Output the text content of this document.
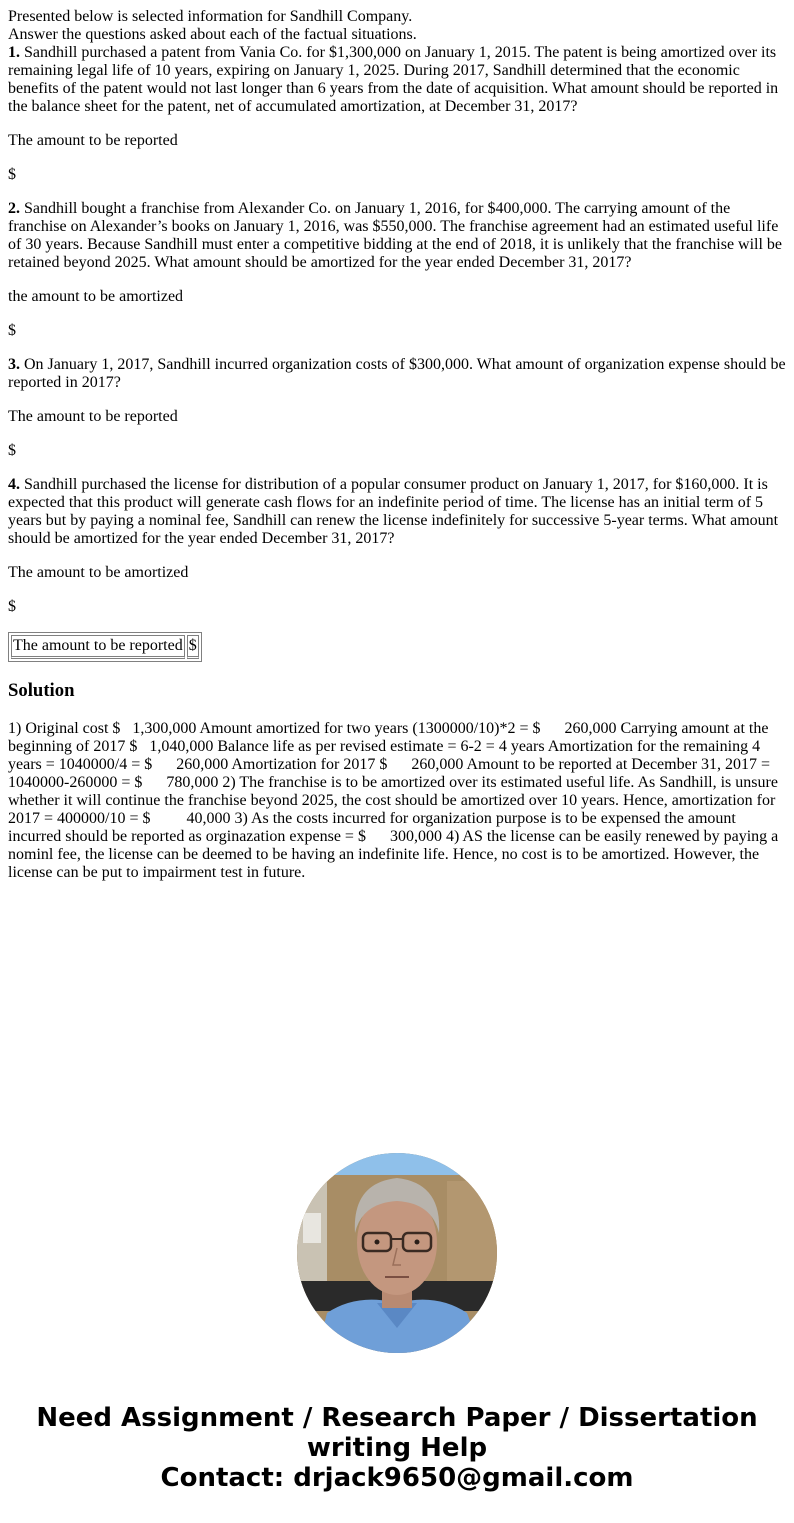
Presented below is selected information for Sandhill Company.

Answer the questions asked about each of the factual situations.

1. Sandhill purchased a patent from Vania Co. for $1,300,000 on January 1, 2015. The patent is being amortized over its remaining legal life of 10 years, expiring on January 1, 2025. During 2017, Sandhill determined that the economic benefits of the patent would not last longer than 6 years from the date of acquisition. What amount should be reported in the balance sheet for the patent, net of accumulated amortization, at December 31, 2017?

The amount to be reported

$

2. Sandhill bought a franchise from Alexander Co. on January 1, 2016, for $400,000. The carrying amount of the franchise on Alexander’s books on January 1, 2016, was $550,000. The franchise agreement had an estimated useful life of 30 years. Because Sandhill must enter a competitive bidding at the end of 2018, it is unlikely that the franchise will be retained beyond 2025. What amount should be amortized for the year ended December 31, 2017?

the amount to be amortized

$

3. On January 1, 2017, Sandhill incurred organization costs of $300,000. What amount of organization expense should be reported in 2017?

The amount to be reported

$

4. Sandhill purchased the license for distribution of a popular consumer product on January 1, 2017, for $160,000. It is expected that this product will generate cash flows for an indefinite period of time. The license has an initial term of 5 years but by paying a nominal fee, Sandhill can renew the license indefinitely for successive 5-year terms. What amount should be amortized for the year ended December 31, 2017?

The amount to be amortized

$

The amount to be reported	$
Solution

1) Original cost $   1,300,000 Amount amortized for two years (1300000/10)*2 = $      260,000 Carrying amount at the beginning of 2017 $   1,040,000 Balance life as per revised estimate = 6-2 = 4 years Amortization for the remaining 4 years = 1040000/4 = $      260,000 Amortization for 2017 $      260,000 Amount to be reported at December 31, 2017 = 1040000-260000 = $      780,000 2) The franchise is to be amortized over its estimated useful life. As Sandhill, is unsure whether it will continue the franchise beyond 2025, the cost should be amortized over 10 years. Hence, amortization for 2017 = 400000/10 = $         40,000 3) As the costs incurred for organization purpose is to be expensed the amount incurred should be reported as orginazation expense = $      300,000 4) AS the license can be easily renewed by paying a nominl fee, the license can be deemed to be having an indefinite life. Hence, no cost is to be amortized. However, the license can be put to impairment test in future.

Need Assignment / Research Paper / Dissertation
writing Help
Contact: drjack9650@gmail.com
